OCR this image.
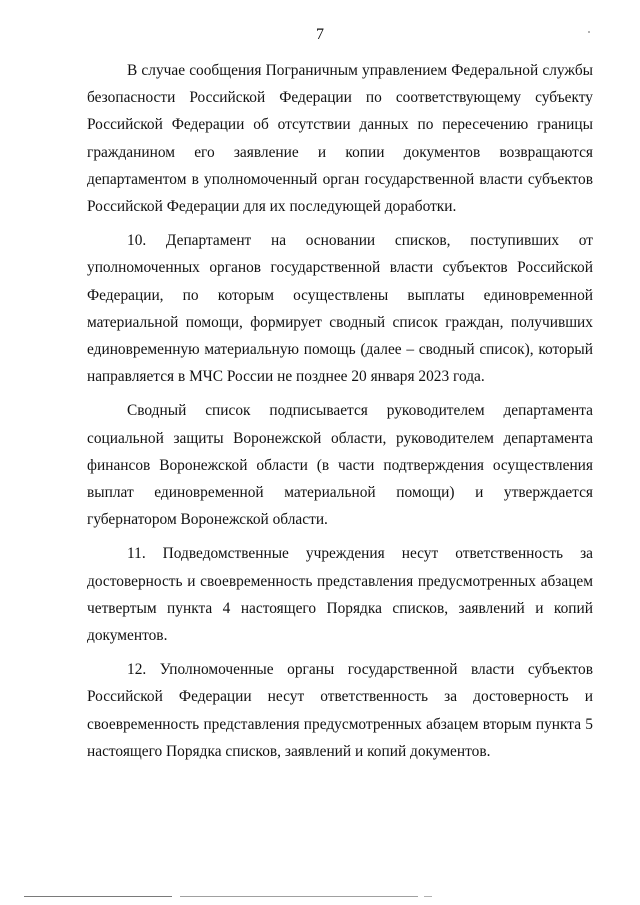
7

В случае сообщения Пограничным управлением Федеральной службы безопасности Российской Федерации по соответствующему субъекту Российской Федерации об отсутствии данных по пересечению границы гражданином его заявление и копии документов возвращаются департаментом в уполномоченный орган государственной власти субъектов Российской Федерации для их последующей доработки.

10. Департамент на основании списков, поступивших от уполномоченных органов государственной власти субъектов Российской Федерации, по которым осуществлены выплаты единовременной материальной помощи, формирует сводный список граждан, получивших единовременную материальную помощь (далее – сводный список), который направляется в МЧС России не позднее 20 января 2023 года.

Сводный список подписывается руководителем департамента социальной защиты Воронежской области, руководителем департамента финансов Воронежской области (в части подтверждения осуществления выплат единовременной материальной помощи) и утверждается губернатором Воронежской области.

11. Подведомственные учреждения несут ответственность за достоверность и своевременность представления предусмотренных абзацем четвертым пункта 4 настоящего Порядка списков, заявлений и копий документов.

12. Уполномоченные органы государственной власти субъектов Российской Федерации несут ответственность за достоверность и своевременность представления предусмотренных абзацем вторым пункта 5 настоящего Порядка списков, заявлений и копий документов.
